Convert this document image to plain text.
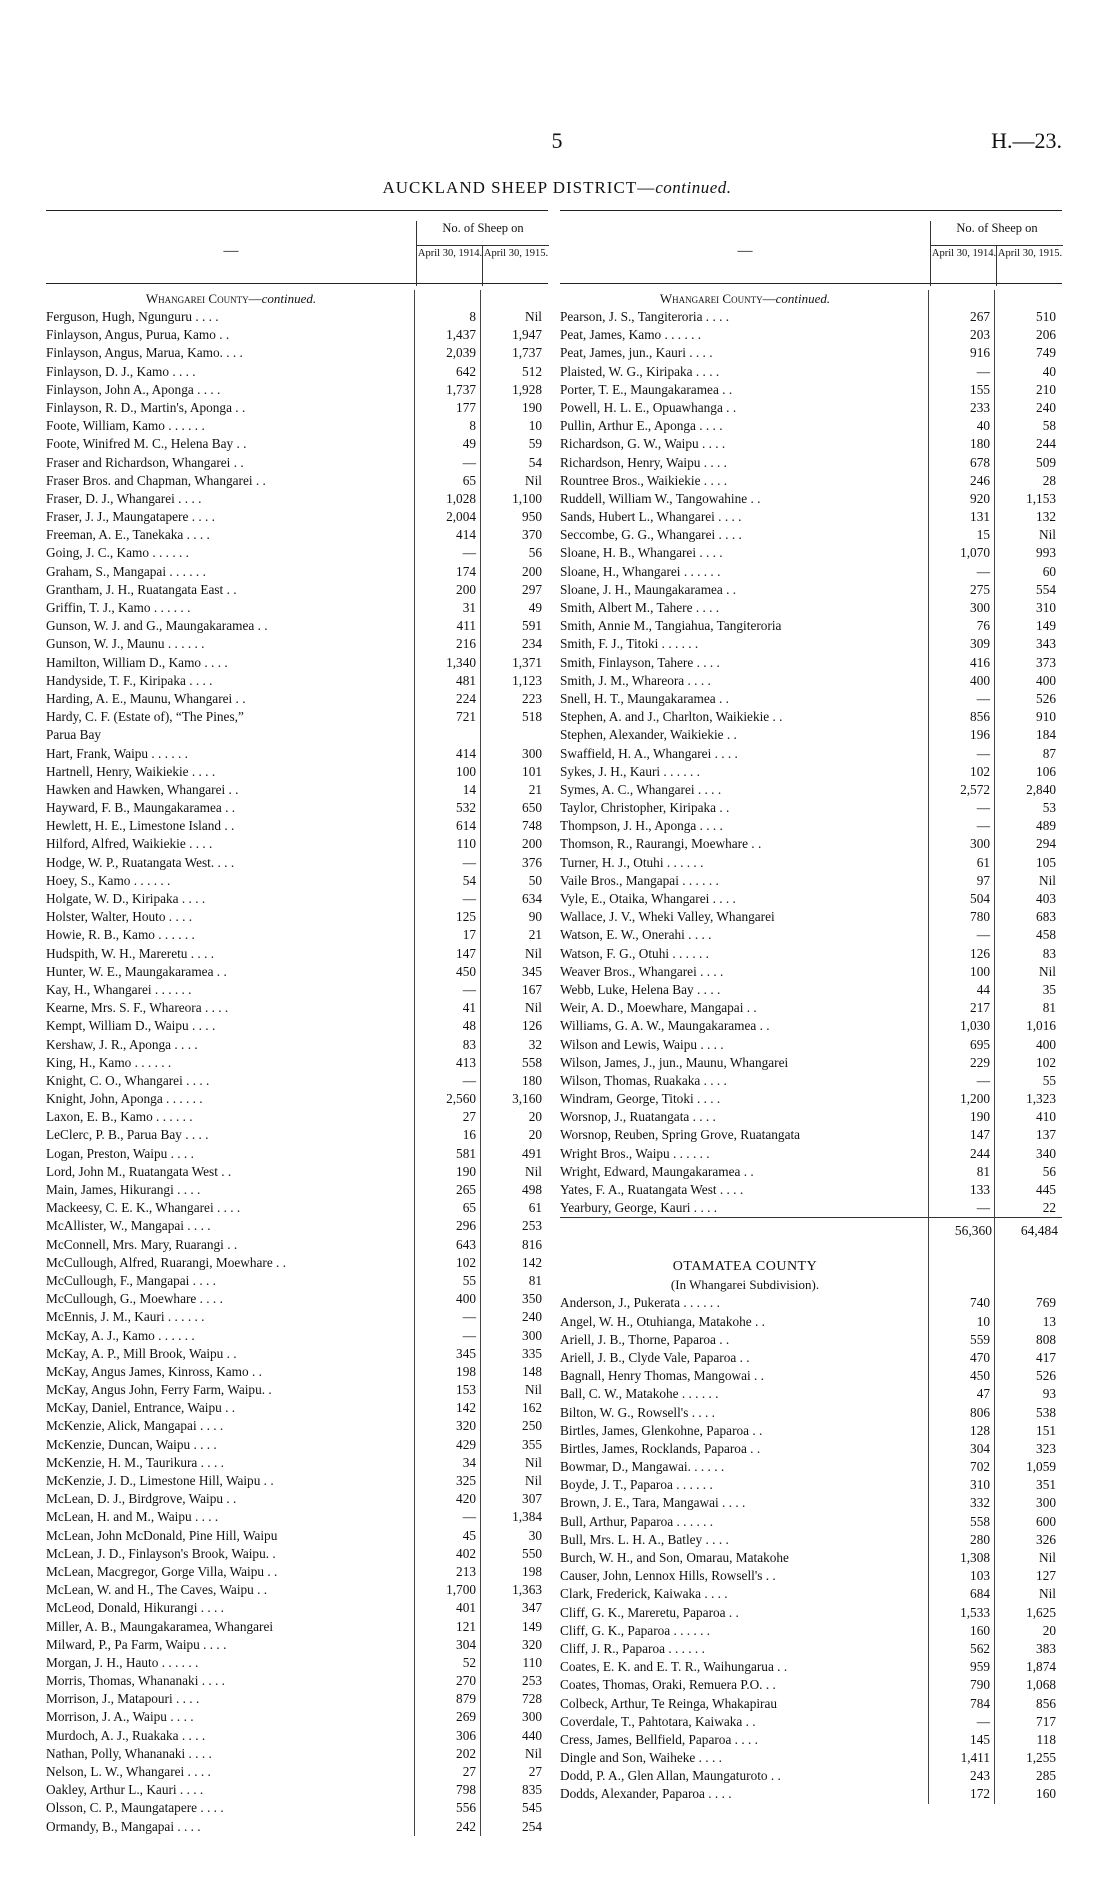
5	H.—23.
AUCKLAND SHEEP DISTRICT—continued.
—
No. of Sheep on
April 30, 1914. April 30, 1915.
Whangarei County—continued.
Ferguson, Hugh, Ngunguru . . . .	8	Nil
Finlayson, Angus, Purua, Kamo . .	1,437	1,947
Finlayson, Angus, Marua, Kamo. . . .	2,039	1,737
Finlayson, D. J., Kamo . . . .	642	512
Finlayson, John A., Aponga . . . .	1,737	1,928
Finlayson, R. D., Martin's, Aponga . .	177	190
Foote, William, Kamo . . . . . .	8	10
Foote, Winifred M. C., Helena Bay . .	49	59
Fraser and Richardson, Whangarei . .	—	54
Fraser Bros. and Chapman, Whangarei . .	65	Nil
Fraser, D. J., Whangarei . . . .	1,028	1,100
Fraser, J. J., Maungatapere . . . .	2,004	950
Freeman, A. E., Tanekaka . . . .	414	370
Going, J. C., Kamo . . . . . .	—	56
Graham, S., Mangapai . . . . . .	174	200
Grantham, J. H., Ruatangata East . .	200	297
Griffin, T. J., Kamo . . . . . .	31	49
Gunson, W. J. and G., Maungakaramea . .	411	591
Gunson, W. J., Maunu . . . . . .	216	234
Hamilton, William D., Kamo . . . .	1,340	1,371
Handyside, T. F., Kiripaka . . . .	481	1,123
Harding, A. E., Maunu, Whangarei . .	224	223
Hardy, C. F. (Estate of), “The Pines,”	721	518
Parua Bay
Hart, Frank, Waipu . . . . . .	414	300
Hartnell, Henry, Waikiekie . . . .	100	101
Hawken and Hawken, Whangarei . .	14	21
Hayward, F. B., Maungakaramea . .	532	650
Hewlett, H. E., Limestone Island . .	614	748
Hilford, Alfred, Waikiekie . . . .	110	200
Hodge, W. P., Ruatangata West. . . .	—	376
Hoey, S., Kamo . . . . . .	54	50
Holgate, W. D., Kiripaka . . . .	—	634
Holster, Walter, Houto . . . .	125	90
Howie, R. B., Kamo . . . . . .	17	21
Hudspith, W. H., Mareretu . . . .	147	Nil
Hunter, W. E., Maungakaramea . .	450	345
Kay, H., Whangarei . . . . . .	—	167
Kearne, Mrs. S. F., Whareora . . . .	41	Nil
Kempt, William D., Waipu . . . .	48	126
Kershaw, J. R., Aponga . . . .	83	32
King, H., Kamo . . . . . .	413	558
Knight, C. O., Whangarei . . . .	—	180
Knight, John, Aponga . . . . . .	2,560	3,160
Laxon, E. B., Kamo . . . . . .	27	20
LeClerc, P. B., Parua Bay . . . .	16	20
Logan, Preston, Waipu . . . .	581	491
Lord, John M., Ruatangata West . .	190	Nil
Main, James, Hikurangi . . . .	265	498
Mackeesy, C. E. K., Whangarei . . . .	65	61
McAllister, W., Mangapai . . . .	296	253
McConnell, Mrs. Mary, Ruarangi . .	643	816
McCullough, Alfred, Ruarangi, Moewhare . .	102	142
McCullough, F., Mangapai . . . .	55	81
McCullough, G., Moewhare . . . .	400	350
McEnnis, J. M., Kauri . . . . . .	—	240
McKay, A. J., Kamo . . . . . .	—	300
McKay, A. P., Mill Brook, Waipu . .	345	335
McKay, Angus James, Kinross, Kamo . .	198	148
McKay, Angus John, Ferry Farm, Waipu. .	153	Nil
McKay, Daniel, Entrance, Waipu . .	142	162
McKenzie, Alick, Mangapai . . . .	320	250
McKenzie, Duncan, Waipu . . . .	429	355
McKenzie, H. M., Taurikura . . . .	34	Nil
McKenzie, J. D., Limestone Hill, Waipu . .	325	Nil
McLean, D. J., Birdgrove, Waipu . .	420	307
McLean, H. and M., Waipu . . . .	—	1,384
McLean, John McDonald, Pine Hill, Waipu	45	30
McLean, J. D., Finlayson's Brook, Waipu. .	402	550
McLean, Macgregor, Gorge Villa, Waipu . .	213	198
McLean, W. and H., The Caves, Waipu . .	1,700	1,363
McLeod, Donald, Hikurangi . . . .	401	347
Miller, A. B., Maungakaramea, Whangarei	121	149
Milward, P., Pa Farm, Waipu . . . .	304	320
Morgan, J. H., Hauto . . . . . .	52	110
Morris, Thomas, Whananaki . . . .	270	253
Morrison, J., Matapouri . . . .	879	728
Morrison, J. A., Waipu . . . .	269	300
Murdoch, A. J., Ruakaka . . . .	306	440
Nathan, Polly, Whananaki . . . .	202	Nil
Nelson, L. W., Whangarei . . . .	27	27
Oakley, Arthur L., Kauri . . . .	798	835
Olsson, C. P., Maungatapere . . . .	556	545
Ormandy, B., Mangapai . . . .	242	254
—
No. of Sheep on
April 30, 1914. April 30, 1915.
Whangarei County—continued.
Pearson, J. S., Tangiteroria . . . .	267	510
Peat, James, Kamo . . . . . .	203	206
Peat, James, jun., Kauri . . . .	916	749
Plaisted, W. G., Kiripaka . . . .	—	40
Porter, T. E., Maungakaramea . .	155	210
Powell, H. L. E., Opuawhanga . .	233	240
Pullin, Arthur E., Aponga . . . .	40	58
Richardson, G. W., Waipu . . . .	180	244
Richardson, Henry, Waipu . . . .	678	509
Rountree Bros., Waikiekie . . . .	246	28
Ruddell, William W., Tangowahine . .	920	1,153
Sands, Hubert L., Whangarei . . . .	131	132
Seccombe, G. G., Whangarei . . . .	15	Nil
Sloane, H. B., Whangarei . . . .	1,070	993
Sloane, H., Whangarei . . . . . .	—	60
Sloane, J. H., Maungakaramea . .	275	554
Smith, Albert M., Tahere . . . .	300	310
Smith, Annie M., Tangiahua, Tangiteroria	76	149
Smith, F. J., Titoki . . . . . .	309	343
Smith, Finlayson, Tahere . . . .	416	373
Smith, J. M., Whareora . . . .	400	400
Snell, H. T., Maungakaramea . .	—	526
Stephen, A. and J., Charlton, Waikiekie . .	856	910
Stephen, Alexander, Waikiekie . .	196	184
Swaffield, H. A., Whangarei . . . .	—	87
Sykes, J. H., Kauri . . . . . .	102	106
Symes, A. C., Whangarei . . . .	2,572	2,840
Taylor, Christopher, Kiripaka . .	—	53
Thompson, J. H., Aponga . . . .	—	489
Thomson, R., Raurangi, Moewhare . .	300	294
Turner, H. J., Otuhi . . . . . .	61	105
Vaile Bros., Mangapai . . . . . .	97	Nil
Vyle, E., Otaika, Whangarei . . . .	504	403
Wallace, J. V., Wheki Valley, Whangarei	780	683
Watson, E. W., Onerahi . . . .	—	458
Watson, F. G., Otuhi . . . . . .	126	83
Weaver Bros., Whangarei . . . .	100	Nil
Webb, Luke, Helena Bay . . . .	44	35
Weir, A. D., Moewhare, Mangapai . .	217	81
Williams, G. A. W., Maungakaramea . .	1,030	1,016
Wilson and Lewis, Waipu . . . .	695	400
Wilson, James, J., jun., Maunu, Whangarei	229	102
Wilson, Thomas, Ruakaka . . . .	—	55
Windram, George, Titoki . . . .	1,200	1,323
Worsnop, J., Ruatangata . . . .	190	410
Worsnop, Reuben, Spring Grove, Ruatangata	147	137
Wright Bros., Waipu . . . . . .	244	340
Wright, Edward, Maungakaramea . .	81	56
Yates, F. A., Ruatangata West . . . .	133	445
Yearbury, George, Kauri . . . .	—	22
56,360	64,484
OTAMATEA COUNTY
(In Whangarei Subdivision).
Anderson, J., Pukerata . . . . . .	740	769
Angel, W. H., Otuhianga, Matakohe . .	10	13
Ariell, J. B., Thorne, Paparoa . .	559	808
Ariell, J. B., Clyde Vale, Paparoa . .	470	417
Bagnall, Henry Thomas, Mangowai . .	450	526
Ball, C. W., Matakohe . . . . . .	47	93
Bilton, W. G., Rowsell's . . . .	806	538
Birtles, James, Glenkohne, Paparoa . .	128	151
Birtles, James, Rocklands, Paparoa . .	304	323
Bowmar, D., Mangawai. . . . . .	702	1,059
Boyde, J. T., Paparoa . . . . . .	310	351
Brown, J. E., Tara, Mangawai . . . .	332	300
Bull, Arthur, Paparoa . . . . . .	558	600
Bull, Mrs. L. H. A., Batley . . . .	280	326
Burch, W. H., and Son, Omarau, Matakohe	1,308	Nil
Causer, John, Lennox Hills, Rowsell's . .	103	127
Clark, Frederick, Kaiwaka . . . .	684	Nil
Cliff, G. K., Mareretu, Paparoa . .	1,533	1,625
Cliff, G. K., Paparoa . . . . . .	160	20
Cliff, J. R., Paparoa . . . . . .	562	383
Coates, E. K. and E. T. R., Waihungarua . .	959	1,874
Coates, Thomas, Oraki, Remuera P.O. . .	790	1,068
Colbeck, Arthur, Te Reinga, Whakapirau	784	856
Coverdale, T., Pahtotara, Kaiwaka . .	—	717
Cress, James, Bellfield, Paparoa . . . .	145	118
Dingle and Son, Waiheke . . . .	1,411	1,255
Dodd, P. A., Glen Allan, Maungaturoto . .	243	285
Dodds, Alexander, Paparoa . . . .	172	160
